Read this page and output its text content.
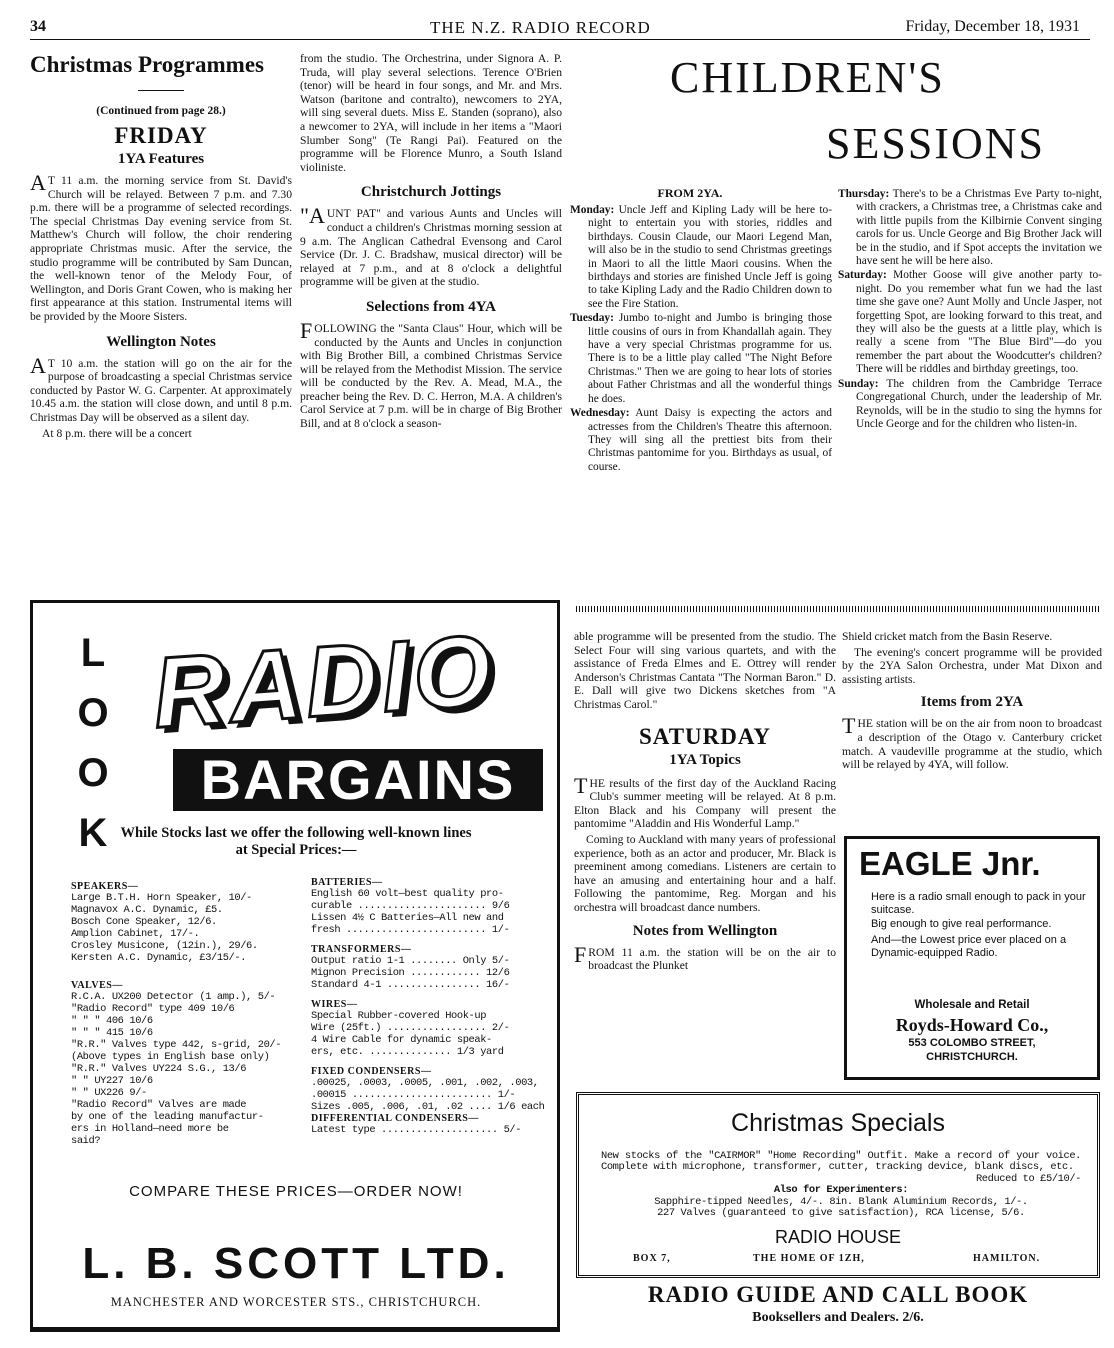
34	THE N.Z. RADIO RECORD	Friday, December 18, 1931
Christmas Programmes
(Continued from page 28.)
FRIDAY
1YA Features

AT 11 a.m. the morning service from St. David's Church will be relayed. Between 7 p.m. and 7.30 p.m. there will be a programme of selected recordings. The special Christmas Day evening service from St. Matthew's Church will follow, the choir rendering appropriate Christmas music. After the service, the studio programme will be contributed by Sam Duncan, the well-known tenor of the Melody Four, of Wellington, and Doris Grant Cowen, who is making her first appearance at this station. Instrumental items will be provided by the Moore Sisters.

Wellington Notes

AT 10 a.m. the station will go on the air for the purpose of broadcasting a special Christmas service conducted by Pastor W. G. Carpenter. At approximately 10.45 a.m. the station will close down, and until 8 p.m. Christmas Day will be observed as a silent day.

At 8 p.m. there will be a concert

from the studio. The Orchestrina, under Signora A. P. Truda, will play several selections. Terence O'Brien (tenor) will be heard in four songs, and Mr. and Mrs. Watson (baritone and contralto), newcomers to 2YA, will sing several duets. Miss E. Standen (soprano), also a newcomer to 2YA, will include in her items a "Maori Slumber Song" (Te Rangi Pai). Featured on the programme will be Florence Munro, a South Island violiniste.

Christchurch Jottings

"AUNT PAT" and various Aunts and Uncles will conduct a children's Christmas morning session at 9 a.m. The Anglican Cathedral Evensong and Carol Service (Dr. J. C. Bradshaw, musical director) will be relayed at 7 p.m., and at 8 o'clock a delightful programme will be given at the studio.

Selections from 4YA

FOLLOWING the "Santa Claus" Hour, which will be conducted by the Aunts and Uncles in conjunction with Big Brother Bill, a combined Christmas Service will be relayed from the Methodist Mission. The service will be conducted by the Rev. A. Mead, M.A., the preacher being the Rev. D. C. Herron, M.A. A children's Carol Service at 7 p.m. will be in charge of Big Brother Bill, and at 8 o'clock a season-

CHILDREN'S
SESSIONS
FROM 2YA.

Monday: Uncle Jeff and Kipling Lady will be here to-night to entertain you with stories, riddles and birthdays. Cousin Claude, our Maori Legend Man, will also be in the studio to send Christmas greetings in Maori to all the little Maori cousins. When the birthdays and stories are finished Uncle Jeff is going to take Kipling Lady and the Radio Children down to see the Fire Station.

Tuesday: Jumbo to-night and Jumbo is bringing those little cousins of ours in from Khandallah again. They have a very special Christmas programme for us. There is to be a little play called "The Night Before Christmas." Then we are going to hear lots of stories about Father Christmas and all the wonderful things he does.

Wednesday: Aunt Daisy is expecting the actors and actresses from the Children's Theatre this afternoon. They will sing all the prettiest bits from their Christmas pantomime for you. Birthdays as usual, of course.

Thursday: There's to be a Christmas Eve Party to-night, with crackers, a Christmas tree, a Christmas cake and with little pupils from the Kilbirnie Convent singing carols for us. Uncle George and Big Brother Jack will be in the studio, and if Spot accepts the invitation we have sent he will be here also.

Saturday: Mother Goose will give another party to-night. Do you remember what fun we had the last time she gave one? Aunt Molly and Uncle Jasper, not forgetting Spot, are looking forward to this treat, and they will also be the guests at a little play, which is really a scene from "The Blue Bird"—do you remember the part about the Woodcutter's children? There will be riddles and birthday greetings, too.

Sunday: The children from the Cambridge Terrace Congregational Church, under the leadership of Mr. Reynolds, will be in the studio to sing the hymns for Uncle George and for the children who listen-in.

able programme will be presented from the studio. The Select Four will sing various quartets, and with the assistance of Freda Elmes and E. Ottrey will render Anderson's Christmas Cantata "The Norman Baron." D. E. Dall will give two Dickens sketches from "A Christmas Carol."

SATURDAY
1YA Topics

THE results of the first day of the Auckland Racing Club's summer meeting will be relayed. At 8 p.m. Elton Black and his Company will present the pantomime "Aladdin and His Wonderful Lamp."

Coming to Auckland with many years of professional experience, both as an actor and producer, Mr. Black is preeminent among comedians. Listeners are certain to have an amusing and entertaining hour and a half. Following the pantomime, Reg. Morgan and his orchestra will broadcast dance numbers.

Notes from Wellington

FROM 11 a.m. the station will be on the air to broadcast the Plunket

Shield cricket match from the Basin Reserve.

The evening's concert programme will be provided by the 2YA Salon Orchestra, under Mat Dixon and assisting artists.

Items from 2YA

THE station will be on the air from noon to broadcast a description of the Otago v. Canterbury cricket match. A vaudeville programme at the studio, which will be relayed by 4YA, will follow.

L
O
O
K
RADIO
BARGAINS
While Stocks last we offer the following well-known lines
at Special Prices:—
SPEAKERS—
Large B.T.H. Horn Speaker, 10/-
Magnavox A.C. Dynamic, £5.
Bosch Cone Speaker, 12/6.
Amplion Cabinet, 17/-.
Crosley Musicone, (12in.), 29/6.
Kersten A.C. Dynamic, £3/15/-.
VALVES—
R.C.A. UX200 Detector (1 amp.), 5/-
"Radio Record" type 409 10/6
" " " 406 10/6
" " " 415 10/6
"R.R." Valves type 442, s-grid, 20/-
(Above types in English base only)
"R.R." Valves UY224 S.G., 13/6
" " UY227 10/6
" " UX226 9/-
"Radio Record" Valves are made
by one of the leading manufactur-
ers in Holland—need more be
said?
BATTERIES—
English 60 volt—best quality pro-
curable ...................... 9/6
Lissen 4½ C Batteries—All new and
fresh ........................ 1/-
TRANSFORMERS—
Output ratio 1-1 ........ Only 5/-
Mignon Precision ............ 12/6
Standard 4-1 ................ 16/-
WIRES—
Special Rubber-covered Hook-up
Wire (25ft.) ................. 2/-
4 Wire Cable for dynamic speak-
ers, etc. .............. 1/3 yard
FIXED CONDENSERS—
.00025, .0003, .0005, .001, .002, .003,
.00015 ........................ 1/-
Sizes .005, .006, .01, .02 .... 1/6 each
DIFFERENTIAL CONDENSERS—
Latest type .................... 5/-
COMPARE THESE PRICES—ORDER NOW!
L. B. SCOTT LTD.
MANCHESTER AND WORCESTER STS., CHRISTCHURCH.
EAGLE Jnr.
Here is a radio small enough to pack in your suitcase.
Big enough to give real performance.
And—the Lowest price ever placed on a Dynamic-equipped Radio.
Wholesale and Retail
Royds-Howard Co.,
553 COLOMBO STREET,
CHRISTCHURCH.
Christmas Specials
New stocks of the "CAIRMOR" "Home Recording" Outfit. Make a record of your voice. Complete with microphone, transformer, cutter, tracking device, blank discs, etc.
Reduced to £5/10/-
Also for Experimenters:
Sapphire-tipped Needles, 4/-. 8in. Blank Aluminium Records, 1/-.
227 Valves (guaranteed to give satisfaction), RCA license, 5/6.
RADIO HOUSE
BOX 7,	THE HOME OF 1ZH,	HAMILTON.
RADIO GUIDE AND CALL BOOK
Booksellers and Dealers. 2/6.
